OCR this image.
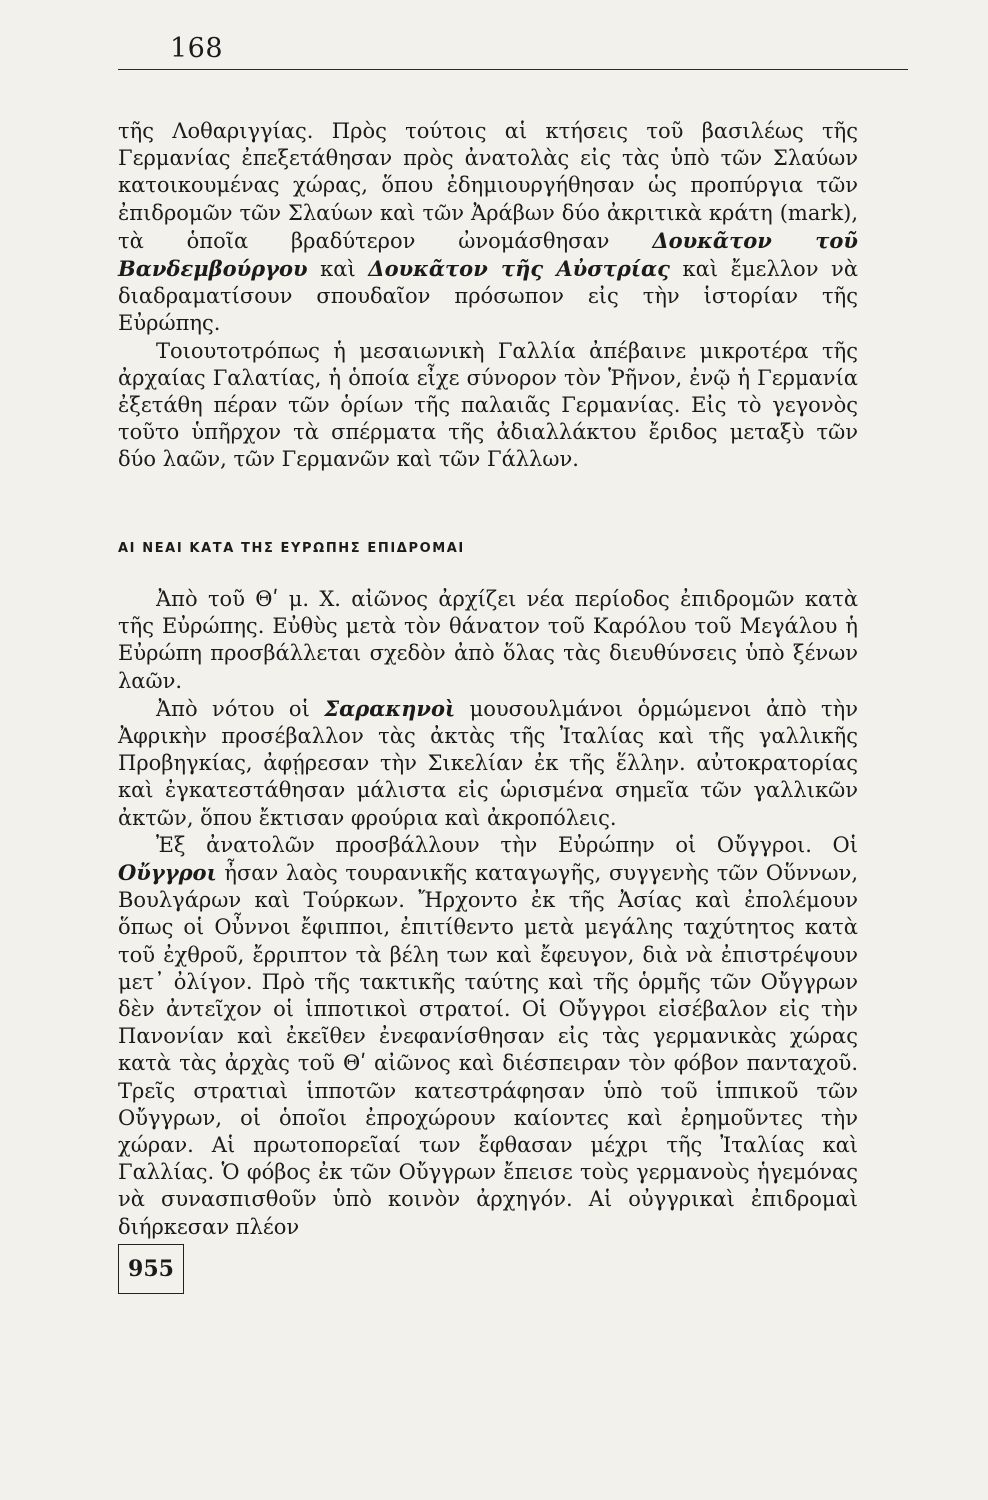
168

τῆς Λοθαριγγίας. Πρὸς τούτοις αἱ κτήσεις τοῦ βασιλέως τῆς Γερμανίας ἐπεξετάθησαν πρὸς ἀνατολὰς εἰς τὰς ὑπὸ τῶν Σλαύων κατοικουμένας χώρας, ὅπου ἐδημιουργήθησαν ὡς προπύργια τῶν ἐπιδρομῶν τῶν Σλαύων καὶ τῶν Ἀράβων δύο ἀκριτικὰ κράτη (mark), τὰ ὁποῖα βραδύτερον ὠνομάσθησαν Δουκᾶτον τοῦ Βανδεμβούργου καὶ Δουκᾶτον τῆς Αὐστρίας καὶ ἔμελλον νὰ διαδραματίσουν σπουδαῖον πρόσωπον εἰς τὴν ἱστορίαν τῆς Εὐρώπης.

Τοιουτοτρόπως ἡ μεσαιωνικὴ Γαλλία ἀπέβαινε μικροτέρα τῆς ἀρχαίας Γαλατίας, ἡ ὁποία εἶχε σύνορον τὸν Ῥῆνον, ἐνῷ ἡ Γερμανία ἐξετάθη πέραν τῶν ὁρίων τῆς παλαιᾶς Γερμανίας. Εἰς τὸ γεγονὸς τοῦτο ὑπῆρχον τὰ σπέρματα τῆς ἀδιαλλάκτου ἔριδος μεταξὺ τῶν δύο λαῶν, τῶν Γερμανῶν καὶ τῶν Γάλλων.

ΑΙ ΝΕΑΙ ΚΑΤΑ ΤΗΣ ΕΥΡΩΠΗΣ ΕΠΙΔΡΟΜΑΙ

Ἀπὸ τοῦ Θʹ μ. Χ. αἰῶνος ἀρχίζει νέα περίοδος ἐπιδρομῶν κατὰ τῆς Εὐρώπης. Εὐθὺς μετὰ τὸν θάνατον τοῦ Καρόλου τοῦ Μεγάλου ἡ Εὐρώπη προσβάλλεται σχεδὸν ἀπὸ ὅλας τὰς διευθύνσεις ὑπὸ ξένων λαῶν.

Ἀπὸ νότου οἱ Σαρακηνοὶ μουσουλμάνοι ὁρμώμενοι ἀπὸ τὴν Ἀφρικὴν προσέβαλλον τὰς ἀκτὰς τῆς Ἰταλίας καὶ τῆς γαλλικῆς Προβηγκίας, ἀφῄρεσαν τὴν Σικελίαν ἐκ τῆς ἕλλην. αὐτοκρατορίας καὶ ἐγκατεστάθησαν μάλιστα εἰς ὡρισμένα σημεῖα τῶν γαλλικῶν ἀκτῶν, ὅπου ἔκτισαν φρούρια καὶ ἀκροπόλεις.

Ἐξ ἀνατολῶν προσβάλλουν τὴν Εὐρώπην οἱ Οὔγγροι. Οἱ Οὔγγροι ἦσαν λαὸς τουρανικῆς καταγωγῆς, συγγενὴς τῶν Οὕννων, Βουλγάρων καὶ Τούρκων. Ἤρχοντο ἐκ τῆς Ἀσίας καὶ ἐπολέμουν ὅπως οἱ Οὖννοι ἔφιπποι, ἐπιτίθεντο μετὰ μεγάλης ταχύτητος κατὰ τοῦ ἐχθροῦ, ἔρριπτον τὰ βέλη των καὶ ἔφευγον, διὰ νὰ ἐπιστρέψουν μετ᾽ ὀλίγον. Πρὸ τῆς τακτικῆς ταύτης καὶ τῆς ὁρμῆς τῶν Οὔγγρων δὲν ἀντεῖχον οἱ ἱπποτικοὶ στρατοί. Οἱ Οὔγγροι εἰσέβαλον εἰς τὴν Πανονίαν καὶ ἐκεῖθεν ἐνεφανίσθησαν εἰς τὰς γερμανικὰς χώρας κατὰ τὰς ἀρχὰς τοῦ Θʹ αἰῶνος καὶ διέσπειραν τὸν φόβον πανταχοῦ. Τρεῖς στρατιαὶ ἱπποτῶν κατεστράφησαν ὑπὸ τοῦ ἱππικοῦ τῶν Οὔγγρων, οἱ ὁποῖοι ἐπροχώρουν καίοντες καὶ ἐρημοῦντες τὴν χώραν. Αἱ πρωτοπορεῖαί των ἔφθασαν μέχρι τῆς Ἰταλίας καὶ Γαλλίας. Ὁ φόβος ἐκ τῶν Οὔγγρων ἔπεισε τοὺς γερμανοὺς ἡγεμόνας νὰ συνασπισθοῦν ὑπὸ κοινὸν ἀρχηγόν. Αἱ οὐγγρικαὶ ἐπιδρομαὶ διήρκεσαν πλέον

955
